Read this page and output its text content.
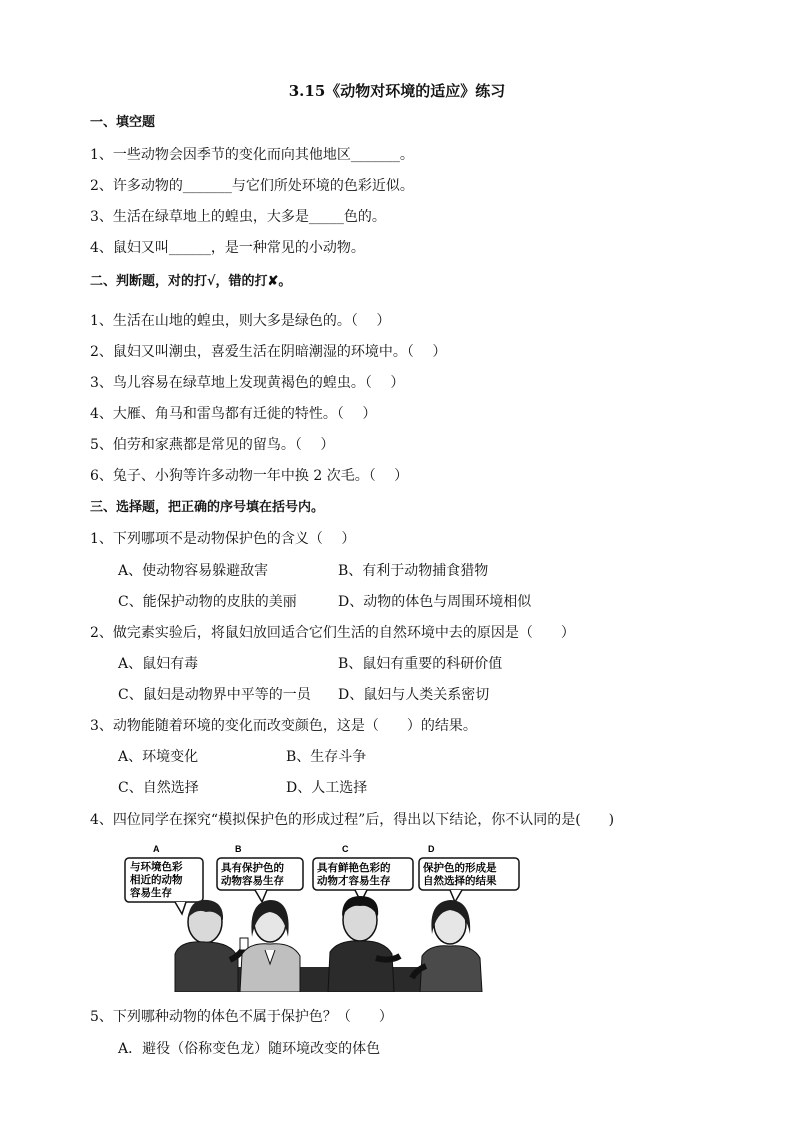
3.15《动物对环境的适应》练习
一、填空题
1、一些动物会因季节的变化而向其他地区_______。
2、许多动物的_______与它们所处环境的色彩近似。
3、生活在绿草地上的蝗虫，大多是_____色的。
4、鼠妇又叫______，是一种常见的小动物。
二、判断题，对的打√，错的打✘。
1、生活在山地的蝗虫，则大多是绿色的。（　 ）
2、鼠妇又叫潮虫，喜爱生活在阴暗潮湿的环境中。（　 ）
3、鸟儿容易在绿草地上发现黄褐色的蝗虫。（　 ）
4、大雁、角马和雷鸟都有迁徙的特性。（　 ）
5、伯劳和家燕都是常见的留鸟。（　 ）
6、兔子、小狗等许多动物一年中换 2 次毛。（　 ）
三、选择题，把正确的序号填在括号内。
1、下列哪项不是动物保护色的含义（　 ）
A、使动物容易躲避敌害	B、有利于动物捕食猎物
C、能保护动物的皮肤的美丽	D、动物的体色与周围环境相似
2、做完素实验后，将鼠妇放回适合它们生活的自然环境中去的原因是（　　）
A、鼠妇有毒	B、鼠妇有重要的科研价值
C、鼠妇是动物界中平等的一员 D、鼠妇与人类关系密切
3、动物能随着环境的变化而改变颜色，这是（　　）的结果。
A、环境变化	B、生存斗争
C、自然选择	D、人工选择
4、四位同学在探究“模拟保护色的形成过程”后，得出以下结论，你不认同的是(　　)
A	B	C	D
与环境色彩
相近的动物
容易生存
具有保护色的
动物容易生存
具有鲜艳色彩的
动物才容易生存
保护色的形成是
自然选择的结果
5、下列哪种动物的体色不属于保护色？（　　）
A．避役（俗称变色龙）随环境改变的体色
